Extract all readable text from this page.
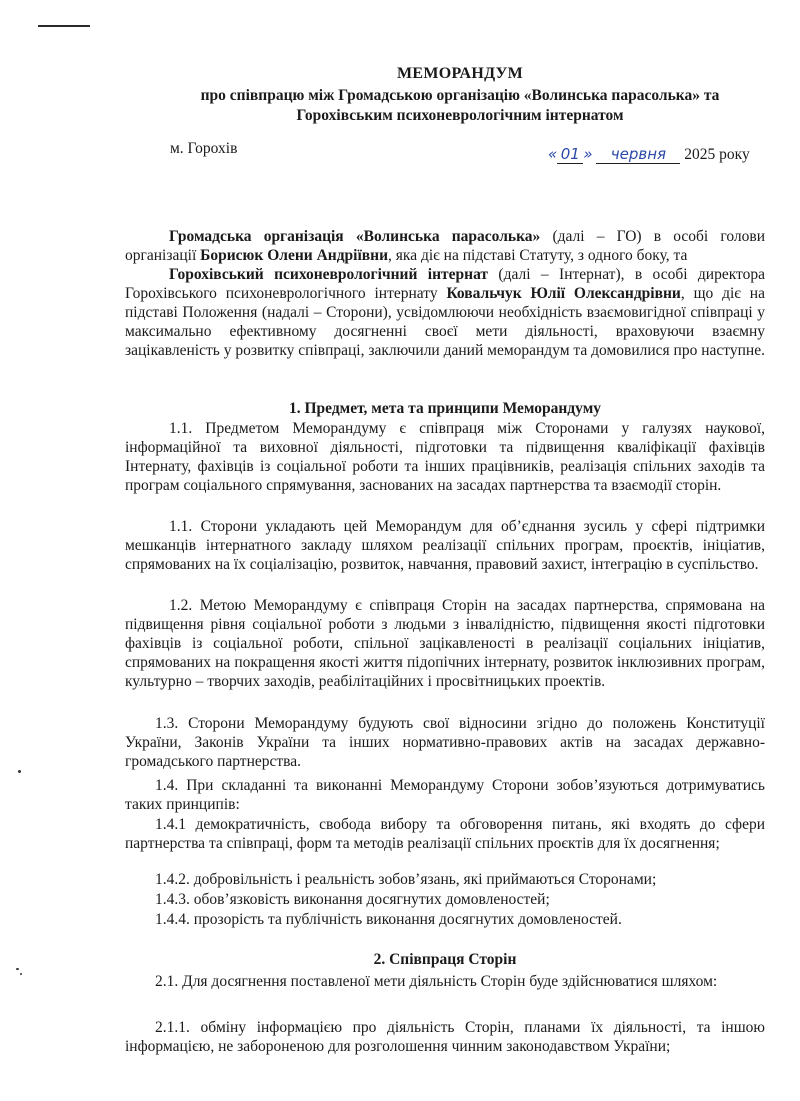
МЕМОРАНДУМ
про співпрацю між Громадською організацію «Волинська парасолька» та
Горохівським психоневрологічним інтернатом
м. Горохів	« 01 » червня 2025 року
Громадська організація «Волинська парасолька» (далі – ГО) в особі голови організації Борисюк Олени Андріївни, яка діє на підставі Статуту, з одного боку, та
Горохівський психоневрологічний інтернат (далі – Інтернат), в особі директора Горохівського психоневрологічного інтернату Ковальчук Юлії Олександрівни, що діє на підставі Положення (надалі – Сторони), усвідомлюючи необхідність взаємовигідної співпраці у максимально ефективному досягненні своєї мети діяльності, враховуючи взаємну зацікавленість у розвитку співпраці, заключили даний меморандум та домовилися про наступне.
1. Предмет, мета та принципи Меморандуму
1.1. Предметом Меморандуму є співпраця між Сторонами у галузях наукової, інформаційної та виховної діяльності, підготовки та підвищення кваліфікації фахівців Інтернату, фахівців із соціальної роботи та інших працівників, реалізація спільних заходів та програм соціального спрямування, заснованих на засадах партнерства та взаємодії сторін.
1.1. Сторони укладають цей Меморандум для об’єднання зусиль у сфері підтримки мешканців інтернатного закладу шляхом реалізації спільних програм, проєктів, ініціатив, спрямованих на їх соціалізацію, розвиток, навчання, правовий захист, інтеграцію в суспільство.
1.2. Метою Меморандуму є співпраця Сторін на засадах партнерства, спрямована на підвищення рівня соціальної роботи з людьми з інвалідністю, підвищення якості підготовки фахівців із соціальної роботи, спільної зацікавленості в реалізації соціальних ініціатив, спрямованих на покращення якості життя підопічних інтернату, розвиток інклюзивних програм, культурно – творчих заходів, реабілітаційних і просвітницьких проектів.
1.3. Сторони Меморандуму будують свої відносини згідно до положень Конституції України, Законів України та інших нормативно-правових актів на засадах державно-громадського партнерства.
1.4. При складанні та виконанні Меморандуму Сторони зобов’язуються дотримуватись таких принципів:
1.4.1 демократичність, свобода вибору та обговорення питань, які входять до сфери партнерства та співпраці, форм та методів реалізації спільних проєктів для їх досягнення;
1.4.2. добровільність і реальність зобов’язань, які приймаються Сторонами;
1.4.3. обов’язковість виконання досягнутих домовленостей;
1.4.4. прозорість та публічність виконання досягнутих домовленостей.
2. Співпраця Сторін
2.1. Для досягнення поставленої мети діяльність Сторін буде здійснюватися шляхом:
2.1.1. обміну інформацією про діяльність Сторін, планами їх діяльності, та іншою інформацією, не забороненою для розголошення чинним законодавством України;
